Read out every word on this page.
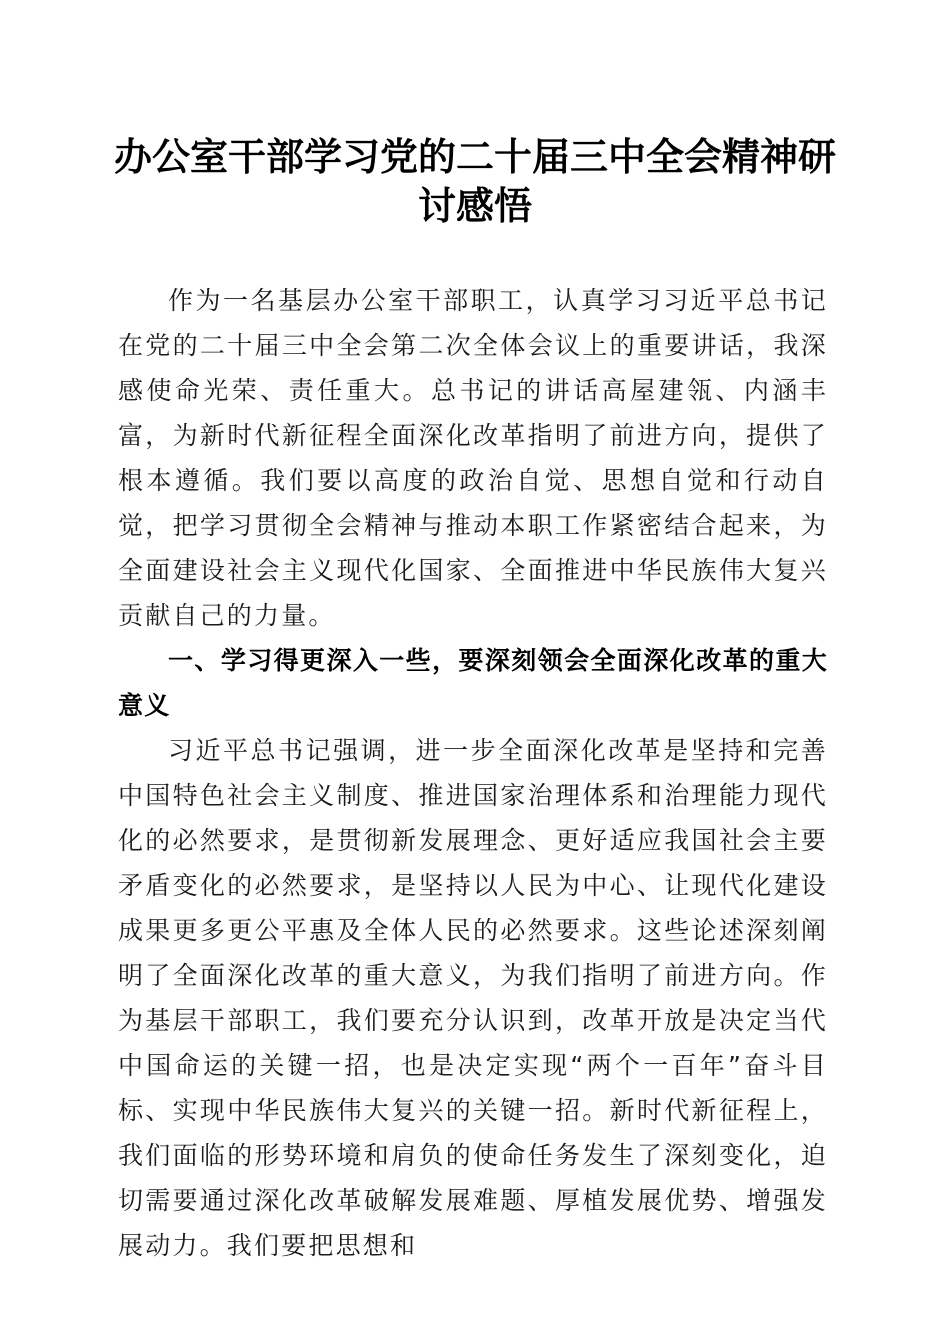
办公室干部学习党的二十届三中全会精神研讨感悟

作为一名基层办公室干部职工，认真学习习近平总书记在党的二十届三中全会第二次全体会议上的重要讲话，我深感使命光荣、责任重大。总书记的讲话高屋建瓴、内涵丰富，为新时代新征程全面深化改革指明了前进方向，提供了根本遵循。我们要以高度的政治自觉、思想自觉和行动自觉，把学习贯彻全会精神与推动本职工作紧密结合起来，为全面建设社会主义现代化国家、全面推进中华民族伟大复兴贡献自己的力量。

一、学习得更深入一些，要深刻领会全面深化改革的重大意义

习近平总书记强调，进一步全面深化改革是坚持和完善中国特色社会主义制度、推进国家治理体系和治理能力现代化的必然要求，是贯彻新发展理念、更好适应我国社会主要矛盾变化的必然要求，是坚持以人民为中心、让现代化建设成果更多更公平惠及全体人民的必然要求。这些论述深刻阐明了全面深化改革的重大意义，为我们指明了前进方向。作为基层干部职工，我们要充分认识到，改革开放是决定当代中国命运的关键一招，也是决定实现“两个一百年”奋斗目标、实现中华民族伟大复兴的关键一招。新时代新征程上，我们面临的形势环境和肩负的使命任务发生了深刻变化，迫切需要通过深化改革破解发展难题、厚植发展优势、增强发展动力。我们要把思想和
